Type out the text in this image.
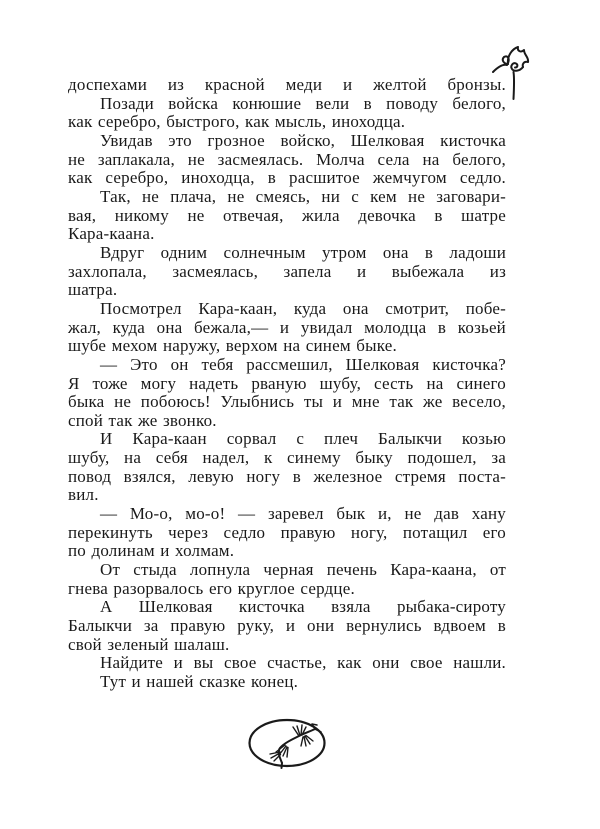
доспехами из красной меди и желтой бронзы.
Позади войска конюшие вели в поводу белого,
как серебро, быстрого, как мысль, иноходца.
Увидав это грозное войско, Шелковая кисточка
не заплакала, не засмеялась. Молча села на белого,
как серебро, иноходца, в расшитое жемчугом седло.
Так, не плача, не смеясь, ни с кем не заговари-
вая, никому не отвечая, жила девочка в шатре
Кара-каана.
Вдруг одним солнечным утром она в ладоши
захлопала, засмеялась, запела и выбежала из
шатра.
Посмотрел Кара-каан, куда она смотрит, побе-
жал, куда она бежала,— и увидал молодца в козьей
шубе мехом наружу, верхом на синем быке.
— Это он тебя рассмешил, Шелковая кисточка?
Я тоже могу надеть рваную шубу, сесть на синего
быка не побоюсь! Улыбнись ты и мне так же весело,
спой так же звонко.
И Кара-каан сорвал с плеч Балыкчи козью
шубу, на себя надел, к синему быку подошел, за
повод взялся, левую ногу в железное стремя поста-
вил.
— Мо-о, мо-о! — заревел бык и, не дав хану
перекинуть через седло правую ногу, потащил его
по долинам и холмам.
От стыда лопнула черная печень Кара-каана, от
гнева разорвалось его круглое сердце.
А Шелковая кисточка взяла рыбака-сироту
Балыкчи за правую руку, и они вернулись вдвоем в
свой зеленый шалаш.
Найдите и вы свое счастье, как они свое нашли.
Тут и нашей сказке конец.
